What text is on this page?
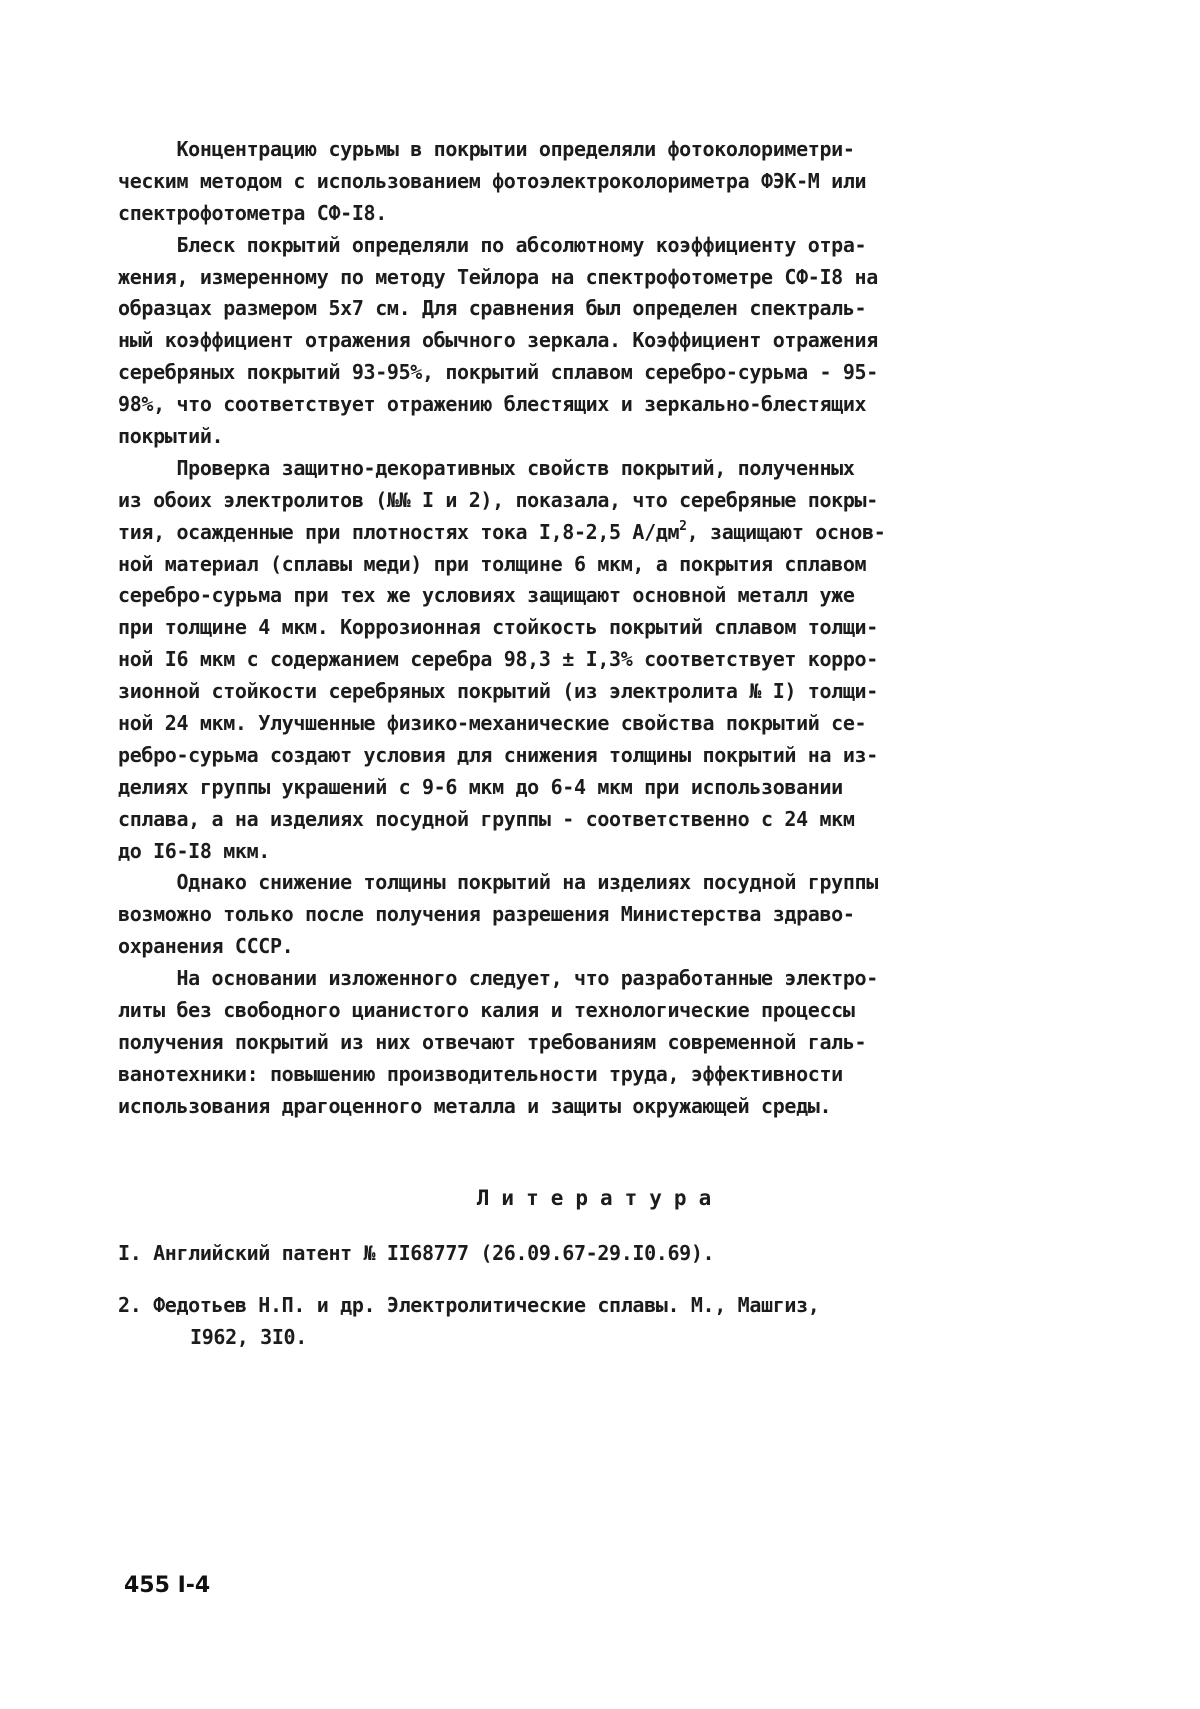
Концентрацию сурьмы в покрытии определяли фотоколориметри-
ческим методом с использованием фотоэлектроколориметра ФЭК-М или
спектрофотометра СФ-I8.
Блеск покрытий определяли по абсолютному коэффициенту отра-
жения, измеренному по методу Тейлора на спектрофотометре СФ-I8 на
образцах размером 5х7 см. Для сравнения был определен спектраль-
ный коэффициент отражения обычного зеркала. Коэффициент отражения
серебряных покрытий 93-95%, покрытий сплавом серебро-сурьма - 95-
98%, что соответствует отражению блестящих и зеркально-блестящих
покрытий.
Проверка защитно-декоративных свойств покрытий, полученных
из обоих электролитов (№№ I и 2), показала, что серебряные покры-
тия, осажденные при плотностях тока I,8-2,5 $А/дм^2$, защищают основ-
ной материал (сплавы меди) при толщине 6 мкм, а покрытия сплавом
серебро-сурьма при тех же условиях защищают основной металл уже
при толщине 4 мкм. Коррозионная стойкость покрытий сплавом толщи-
ной I6 мкм с содержанием серебра 98,3 ± I,3% соответствует корро-
зионной стойкости серебряных покрытий (из электролита № I) толщи-
ной 24 мкм. Улучшенные физико-механические свойства покрытий се-
ребро-сурьма создают условия для снижения толщины покрытий на из-
делиях группы украшений с 9-6 мкм до 6-4 мкм при использовании
сплава, а на изделиях посудной группы - соответственно с 24 мкм
до I6-I8 мкм.
Однако снижение толщины покрытий на изделиях посудной группы
возможно только после получения разрешения Министерства здраво-
охранения СССР.
На основании изложенного следует, что разработанные электро-
литы без свободного цианистого калия и технологические процессы
получения покрытий из них отвечают требованиям современной галь-
ванотехники: повышению производительности труда, эффективности
использования драгоценного металла и защиты окружающей среды.
Литература
I. Английский патент № II68777 (26.09.67-29.I0.69).
2. Федотьев Н.П. и др. Электролитические сплавы. М., Машгиз,
I962, 3I0.
455 I-4
